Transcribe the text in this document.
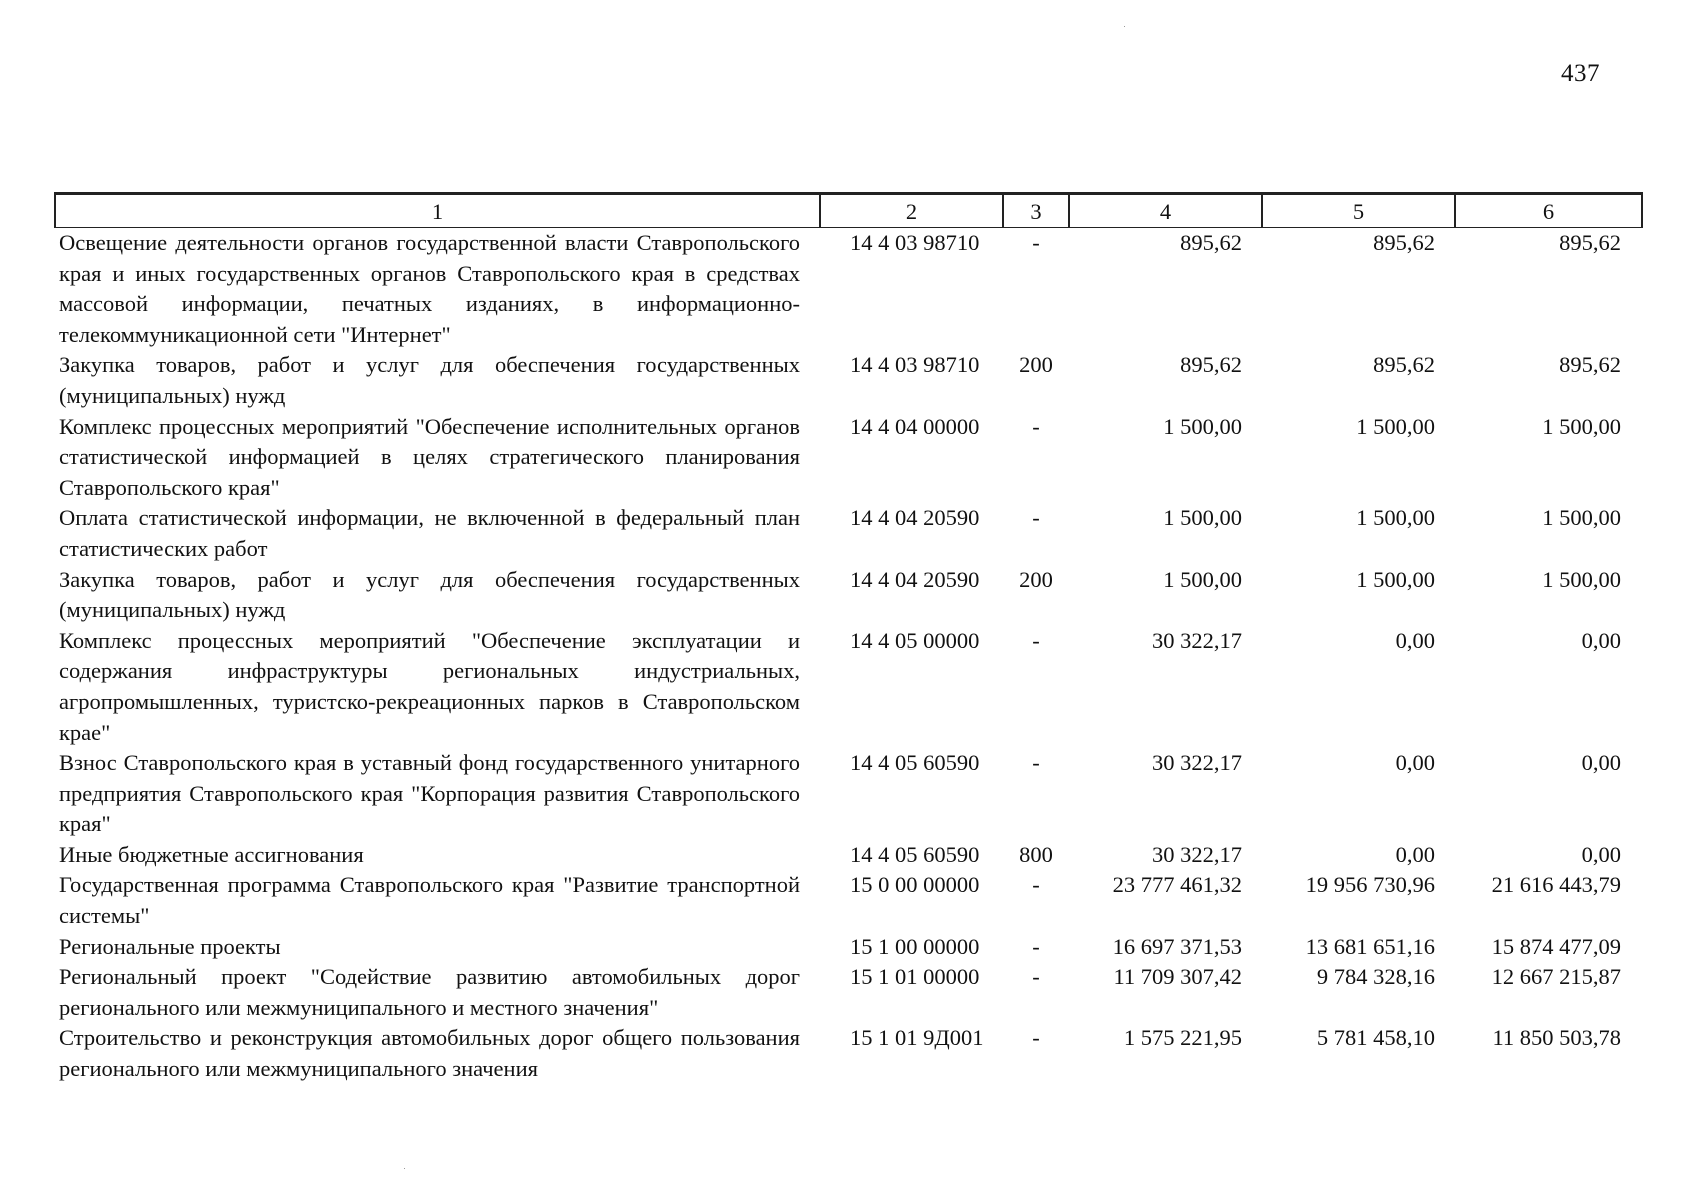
437
1	2	3	4	5	6
Освещение деятельности органов государственной власти Ставропольского края и иных государственных органов Ставропольского края в средствах массовой информации, печатных изданиях, в информационно-телекоммуникационной сети "Интернет"	14 4 03 98710	-	895,62	895,62	895,62
Закупка товаров, работ и услуг для обеспечения государственных (муниципальных) нужд	14 4 03 98710	200	895,62	895,62	895,62
Комплекс процессных мероприятий "Обеспечение исполнительных органов статистической информацией в целях стратегического планирования Ставропольского края"	14 4 04 00000	-	1 500,00	1 500,00	1 500,00
Оплата статистической информации, не включенной в федеральный план статистических работ	14 4 04 20590	-	1 500,00	1 500,00	1 500,00
Закупка товаров, работ и услуг для обеспечения государственных (муниципальных) нужд	14 4 04 20590	200	1 500,00	1 500,00	1 500,00
Комплекс процессных мероприятий "Обеспечение эксплуатации и содержания инфраструктуры региональных индустриальных, агропромышленных, туристско-рекреационных парков в Ставропольском крае"	14 4 05 00000	-	30 322,17	0,00	0,00
Взнос Ставропольского края в уставный фонд государственного унитарного предприятия Ставропольского края "Корпорация развития Ставропольского края"	14 4 05 60590	-	30 322,17	0,00	0,00
Иные бюджетные ассигнования	14 4 05 60590	800	30 322,17	0,00	0,00
Государственная программа Ставропольского края "Развитие транспортной системы"	15 0 00 00000	-	23 777 461,32	19 956 730,96	21 616 443,79
Региональные проекты	15 1 00 00000	-	16 697 371,53	13 681 651,16	15 874 477,09
Региональный проект "Содействие развитию автомобильных дорог регионального или межмуниципального и местного значения"	15 1 01 00000	-	11 709 307,42	9 784 328,16	12 667 215,87
Строительство и реконструкция автомобильных дорог общего пользования регионального или межмуниципального значения	15 1 01 9Д001	-	1 575 221,95	5 781 458,10	11 850 503,78
